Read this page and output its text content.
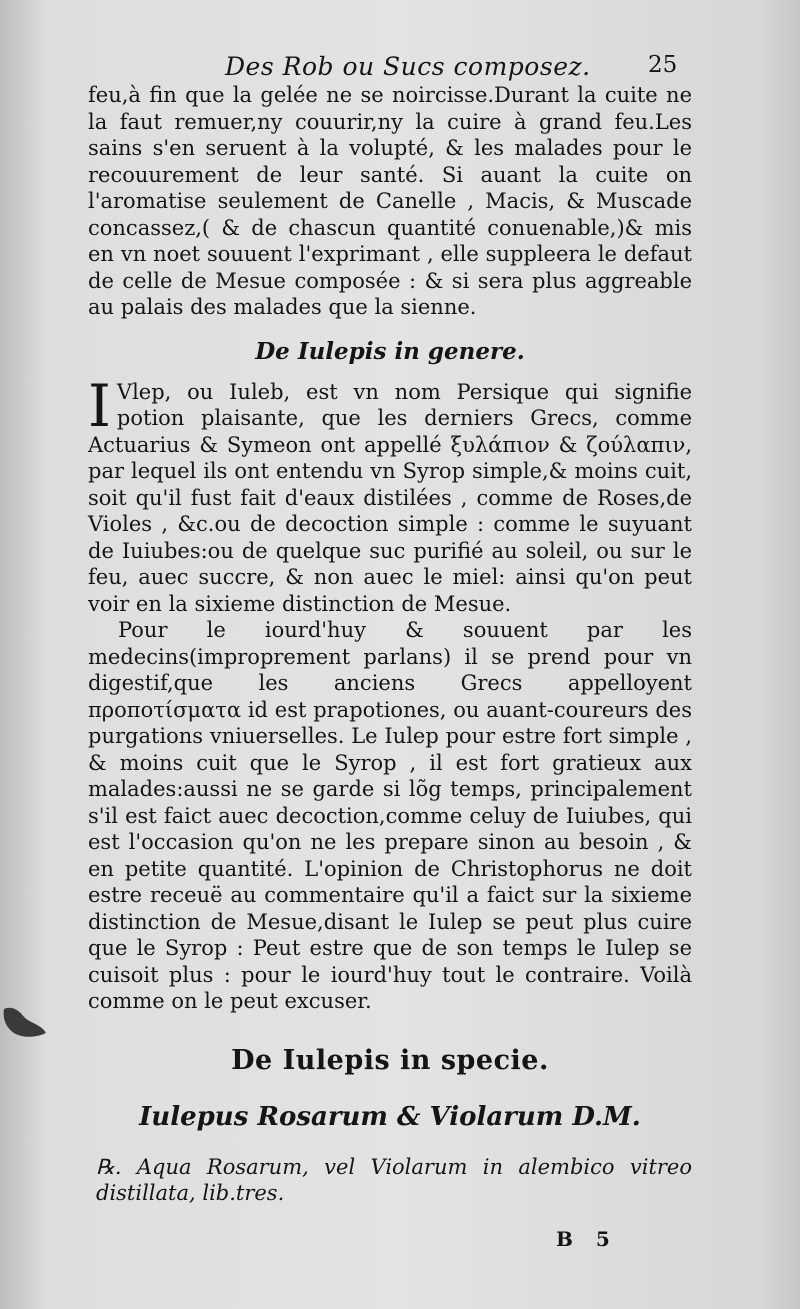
Des Rob ou Sucs composez. 25

feu,à fin que la gelée ne se noircisse.Durant la cuite ne la faut remuer,ny couurir,ny la cuire à grand feu.Les sains s'en seruent à la volupté, & les malades pour le recouurement de leur santé. Si auant la cuite on l'aromatise seulement de Canelle , Macis, & Muscade concassez,( & de chascun quantité conuenable,)& mis en vn noet souuent l'exprimant , elle suppleera le defaut de celle de Mesue composée : & si sera plus aggreable au palais des malades que la sienne.

De Iulepis in genere.

I Vlep, ou Iuleb, est vn nom Persique qui signifie potion plaisante, que les derniers Grecs, comme Actuarius & Symeon ont appellé ξυλάπιον & ζούλαπιν, par lequel ils ont entendu vn Syrop simple,& moins cuit, soit qu'il fust fait d'eaux distilées , comme de Roses,de Violes , &c.ou de decoction simple : comme le suyuant de Iuiubes:ou de quelque suc purifié au soleil, ou sur le feu, auec succre, & non auec le miel: ainsi qu'on peut voir en la sixieme distinction de Mesue.

Pour le iourd'huy & souuent par les medecins(improprement parlans) il se prend pour vn digestif,que les anciens Grecs appelloyent προποτίσματα id est prapotiones, ou auant-coureurs des purgations vniuerselles. Le Iulep pour estre fort simple , & moins cuit que le Syrop , il est fort gratieux aux malades:aussi ne se garde si lõg temps, principalement s'il est faict auec decoction,comme celuy de Iuiubes, qui est l'occasion qu'on ne les prepare sinon au besoin , & en petite quantité. L'opinion de Christophorus ne doit estre receuë au commentaire qu'il a faict sur la sixieme distinction de Mesue,disant le Iulep se peut plus cuire que le Syrop : Peut estre que de son temps le Iulep se cuisoit plus : pour le iourd'huy tout le contraire. Voilà comme on le peut excuser.

De Iulepis in specie.
Iulepus Rosarum & Violarum D.M.

℞. Aqua Rosarum, vel Violarum in alembico vitreo distillata, lib.tres.

B 5
